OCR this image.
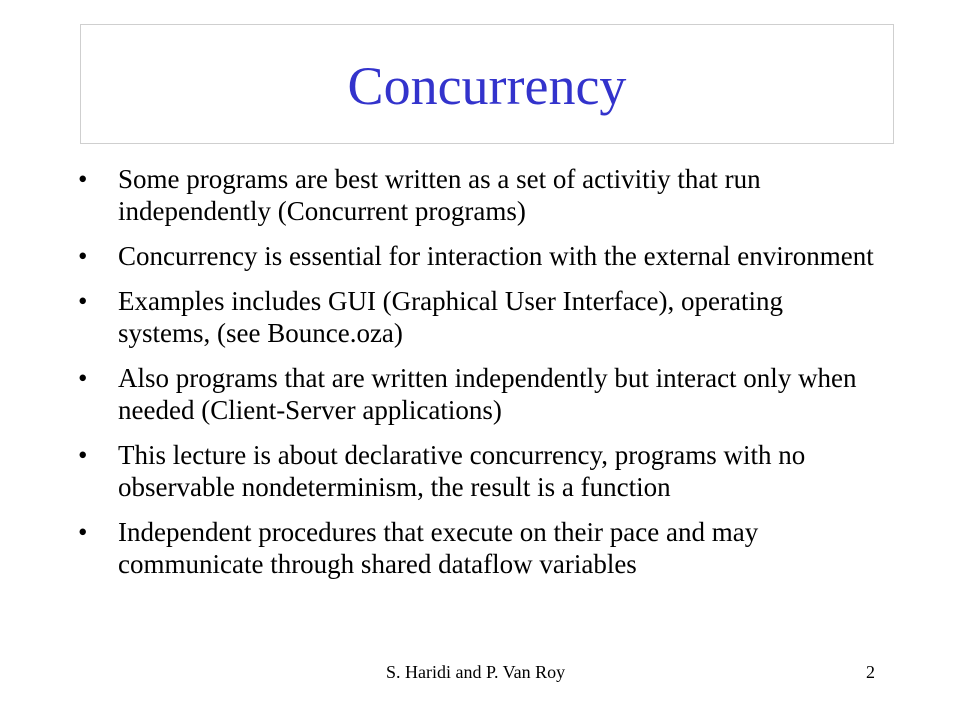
Concurrency
• Some programs are best written as a set of activitiy that run independently (Concurrent programs)
• Concurrency is essential for interaction with the external environment
• Examples includes GUI (Graphical User Interface), operating systems, (see Bounce.oza)
• Also programs that are written independently but interact only when needed (Client-Server applications)
• This lecture is about declarative concurrency, programs with no observable nondeterminism, the result is a function
• Independent procedures that execute on their pace and may communicate through shared dataflow variables
S. Haridi and P. Van Roy	2
